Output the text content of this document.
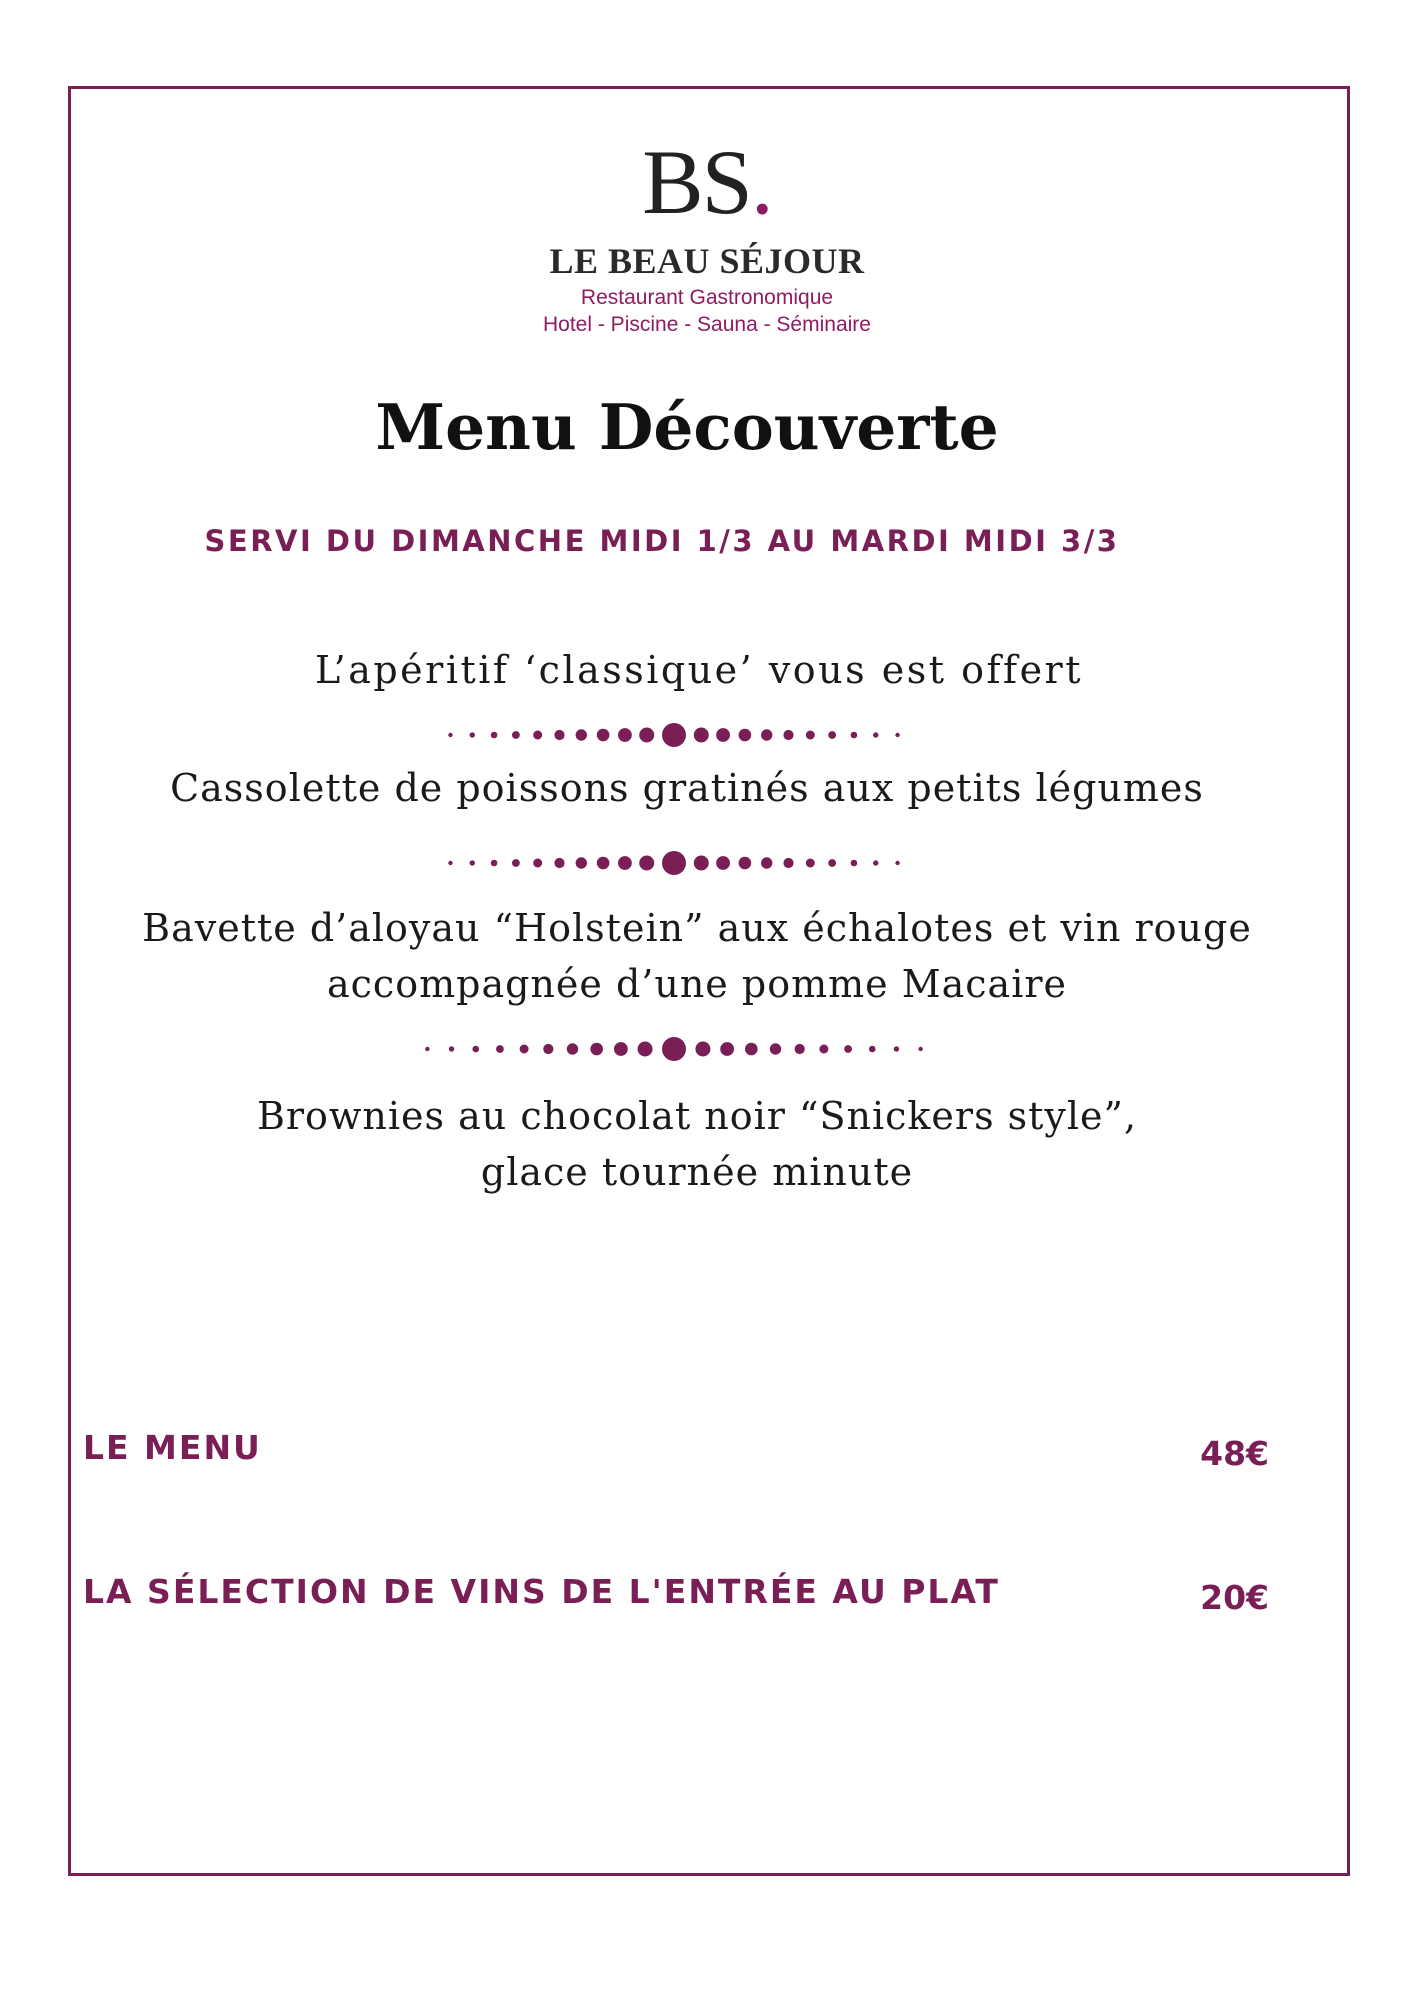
BS.
LE BEAU SÉJOUR
Restaurant Gastronomique
Hotel - Piscine - Sauna - Séminaire
Menu Découverte
SERVI DU DIMANCHE MIDI 1/3 AU MARDI MIDI 3/3
L’apéritif ‘classique’ vous est offert
Cassolette de poissons gratinés aux petits légumes
Bavette d’aloyau “Holstein” aux échalotes et vin rouge
accompagnée d’une pomme Macaire
Brownies au chocolat noir “Snickers style”,
glace tournée minute
LE MENU	48€
LA SÉLECTION DE VINS DE L'ENTRÉE AU PLAT	20€
